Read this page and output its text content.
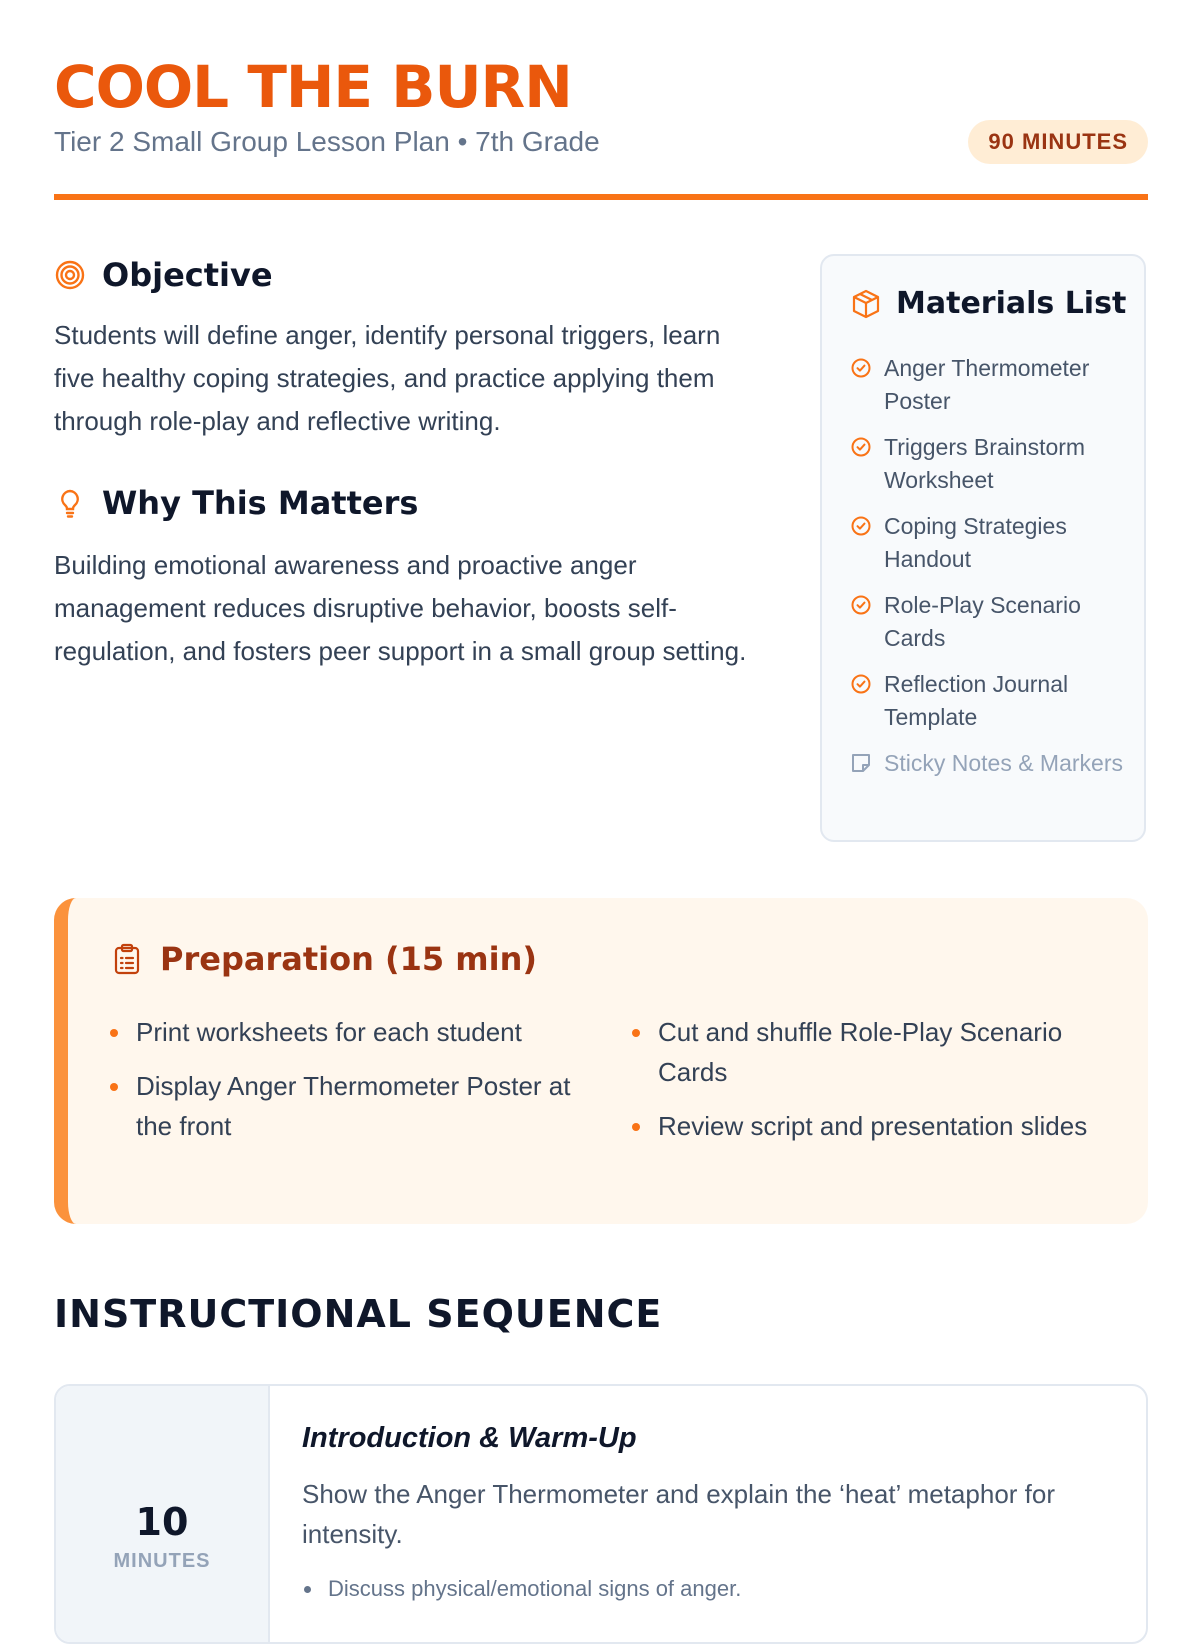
COOL THE BURN
Tier 2 Small Group Lesson Plan • 7th Grade	90 MINUTES
Objective

Students will define anger, identify personal triggers, learn five healthy coping strategies, and practice applying them through role-play and reflective writing.

Why This Matters

Building emotional awareness and proactive anger management reduces disruptive behavior, boosts self-regulation, and fosters peer support in a small group setting.

Materials List
Anger Thermometer Poster
Triggers Brainstorm Worksheet
Coping Strategies Handout
Role-Play Scenario Cards
Reflection Journal Template
Sticky Notes & Markers
Preparation (15 min)
Print worksheets for each student
Display Anger Thermometer Poster at the front
Cut and shuffle Role-Play Scenario Cards
Review script and presentation slides
INSTRUCTIONAL SEQUENCE
10
MINUTES
Introduction & Warm-Up

Show the Anger Thermometer and explain the ‘heat’ metaphor for intensity.

Discuss physical/emotional signs of anger.
